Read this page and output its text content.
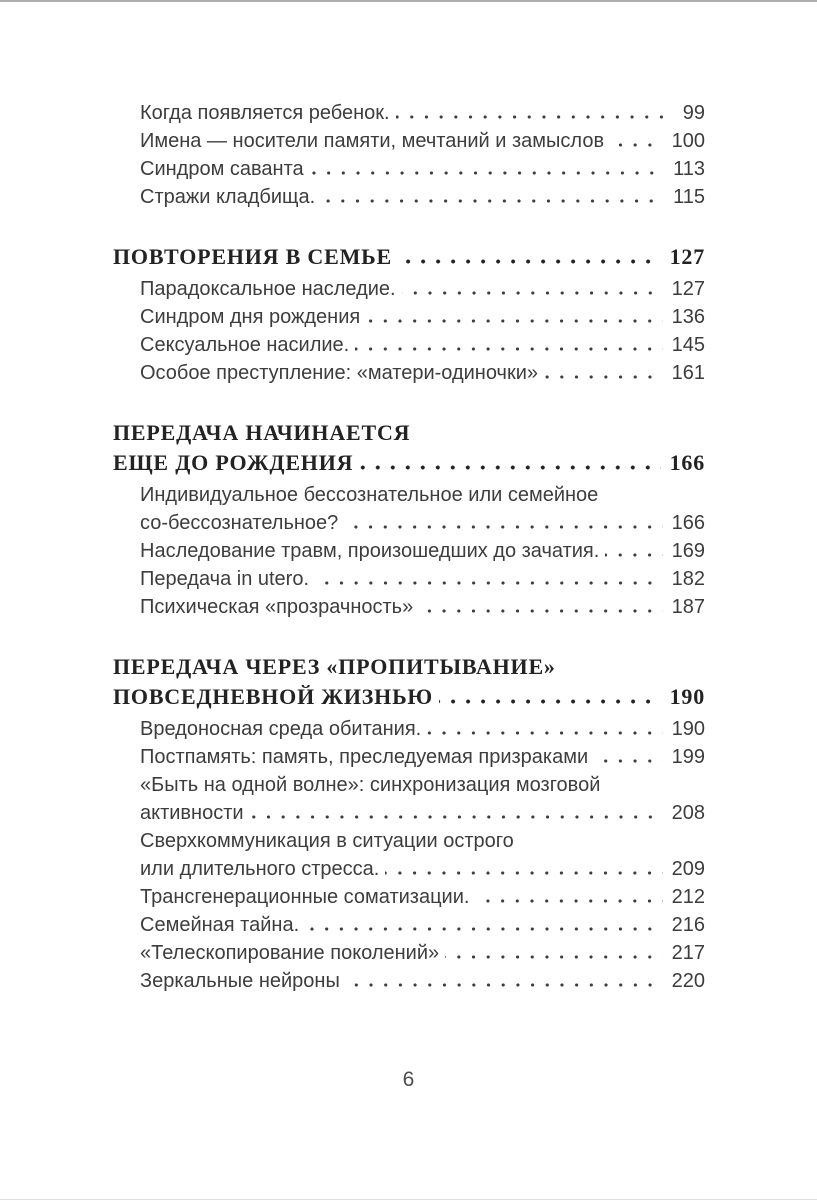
Когда появляется ребенок.	99
Имена — носители памяти, мечтаний и замыслов	100
Синдром саванта	113
Стражи кладбища.	115
ПОВТОРЕНИЯ В СЕМЬЕ	127
Парадоксальное наследие.	127
Синдром дня рождения	136
Сексуальное насилие.	145
Особое преступление: «матери-одиночки»	161
ПЕРЕДАЧА НАЧИНАЕТСЯ
ЕЩЕ ДО РОЖДЕНИЯ	166
Индивидуальное бессознательное или семейное
со-бессознательное?	166
Наследование травм, произошедших до зачатия.	169
Передача in utero.	182
Психическая «прозрачность»	187
ПЕРЕДАЧА ЧЕРЕЗ «ПРОПИТЫВАНИЕ»
ПОВСЕДНЕВНОЙ ЖИЗНЬЮ	190
Вредоносная среда обитания.	190
Постпамять: память, преследуемая призраками	199
«Быть на одной волне»: синхронизация мозговой
активности	208
Сверхкоммуникация в ситуации острого
или длительного стресса.	209
Трансгенерационные соматизации.	212
Семейная тайна.	216
«Телескопирование поколений»	217
Зеркальные нейроны	220
6
